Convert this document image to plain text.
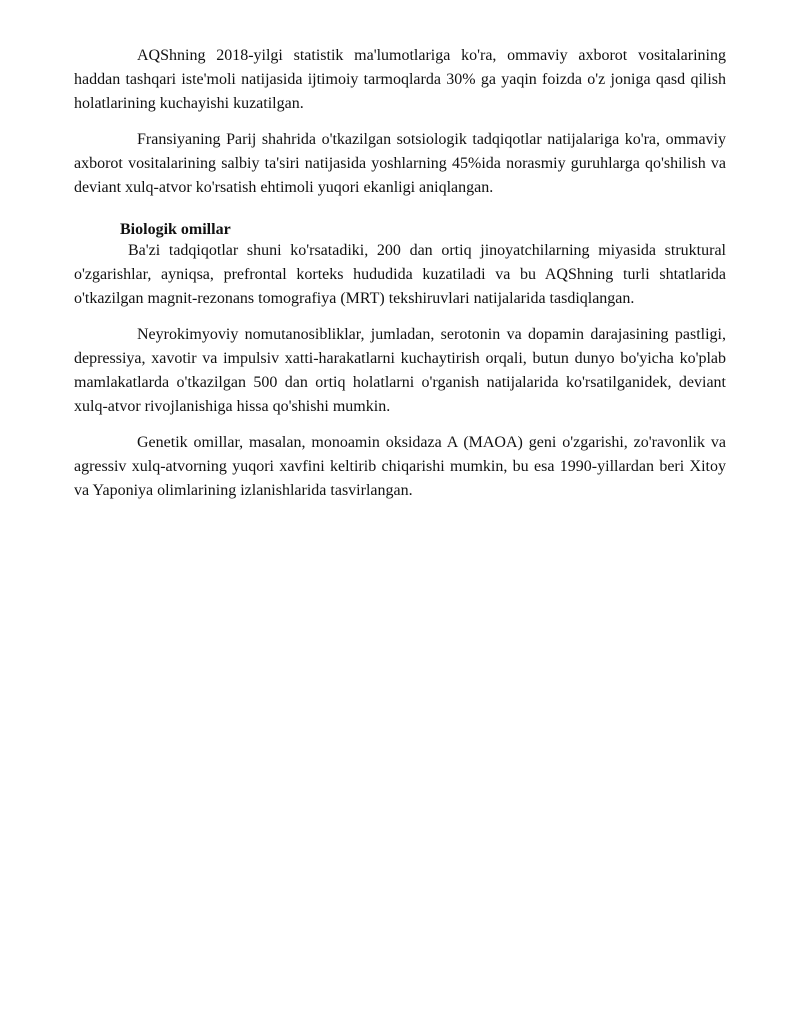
AQShning 2018-yilgi statistik ma'lumotlariga ko'ra, ommaviy axborot vositalarining haddan tashqari iste'moli natijasida ijtimoiy tarmoqlarda 30% ga yaqin foizda o'z joniga qasd qilish holatlarining kuchayishi kuzatilgan.

Fransiyaning Parij shahrida o'tkazilgan sotsiologik tadqiqotlar natijalariga ko'ra, ommaviy axborot vositalarining salbiy ta'siri natijasida yoshlarning 45%ida norasmiy guruhlarga qo'shilish va deviant xulq-atvor ko'rsatish ehtimoli yuqori ekanligi aniqlangan.

Biologik omillar

Ba'zi tadqiqotlar shuni ko'rsatadiki, 200 dan ortiq jinoyatchilarning miyasida struktural o'zgarishlar, ayniqsa, prefrontal korteks hududida kuzatiladi va bu AQShning turli shtatlarida o'tkazilgan magnit-rezonans tomografiya (MRT) tekshiruvlari natijalarida tasdiqlangan.

Neyrokimyoviy nomutanosibliklar, jumladan, serotonin va dopamin darajasining pastligi, depressiya, xavotir va impulsiv xatti-harakatlarni kuchaytirish orqali, butun dunyo bo'yicha ko'plab mamlakatlarda o'tkazilgan 500 dan ortiq holatlarni o'rganish natijalarida ko'rsatilganidek, deviant xulq-atvor rivojlanishiga hissa qo'shishi mumkin.

Genetik omillar, masalan, monoamin oksidaza A (MAOA) geni o'zgarishi, zo'ravonlik va agressiv xulq-atvorning yuqori xavfini keltirib chiqarishi mumkin, bu esa 1990-yillardan beri Xitoy va Yaponiya olimlarining izlanishlarida tasvirlangan.
